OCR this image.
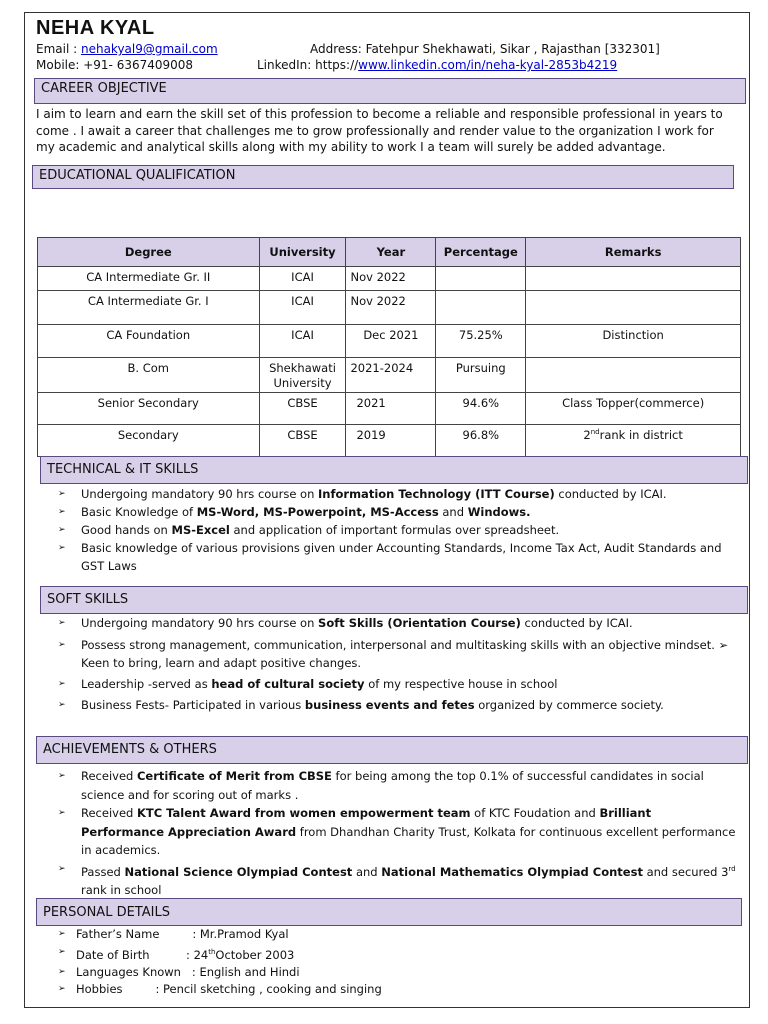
NEHA KYAL
Email : nehakyal9@gmail.com	Address: Fatehpur Shekhawati, Sikar , Rajasthan [332301]
Mobile: +91- 6367409008	LinkedIn: https://www.linkedin.com/in/neha-kyal-2853b4219
CAREER OBJECTIVE
I aim to learn and earn the skill set of this profession to become a reliable and responsible professional in years to come . I await a career that challenges me to grow professionally and render value to the organization I work for my academic and analytical skills along with my ability to work I a team will surely be added advantage.
EDUCATIONAL QUALIFICATION
Degree	University	Year	Percentage	Remarks
CA Intermediate Gr. II	ICAI	Nov 2022		
CA Intermediate Gr. I	ICAI	Nov 2022		
CA Foundation	ICAI	Dec 2021	75.25%	Distinction
B. Com	Shekhawati University	2021-2024	Pursuing	
Senior Secondary	CBSE	2021	94.6%	Class Topper(commerce)
Secondary	CBSE	2019	96.8%	2ndrank in district
TECHNICAL & IT SKILLS
➢ Undergoing mandatory 90 hrs course on Information Technology (ITT Course) conducted by ICAI.
➢ Basic Knowledge of MS-Word, MS-Powerpoint, MS-Access and Windows.
➢ Good hands on MS-Excel and application of important formulas over spreadsheet.
➢ Basic knowledge of various provisions given under Accounting Standards, Income Tax Act, Audit Standards and GST Laws
SOFT SKILLS
➢ Undergoing mandatory 90 hrs course on Soft Skills (Orientation Course) conducted by ICAI.
➢ Possess strong management, communication, interpersonal and multitasking skills with an objective mindset. ➢ Keen to bring, learn and adapt positive changes.
➢ Leadership -served as head of cultural society of my respective house in school
➢ Business Fests- Participated in various business events and fetes organized by commerce society.
ACHIEVEMENTS & OTHERS
➢ Received Certificate of Merit from CBSE for being among the top 0.1% of successful candidates in social science and for scoring out of marks .
➢ Received KTC Talent Award from women empowerment team of KTC Foudation and Brilliant Performance Appreciation Award from Dhandhan Charity Trust, Kolkata for continuous excellent performance in academics.
➢ Passed National Science Olympiad Contest and National Mathematics Olympiad Contest and secured 3rd rank in school
PERSONAL DETAILS
➢ Father’s Name         : Mr.Pramod Kyal
➢ Date of Birth          : 24thOctober 2003
➢ Languages Known   : English and Hindi
➢ Hobbies         : Pencil sketching , cooking and singing
